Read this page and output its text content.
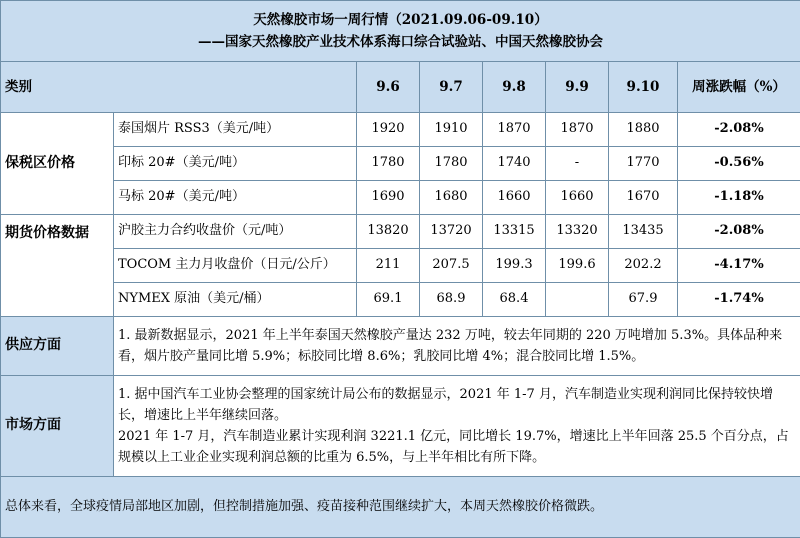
天然橡胶市场一周行情（2021.09.06-09.10）
——国家天然橡胶产业技术体系海口综合试验站、中国天然橡胶协会							

类别		9.6	9.7	9.8	9.9	9.10	周涨跌幅（%）
保税区价格	泰国烟片 RSS3（美元/吨）	1920	1910	1870	1870	1880	-2.08%
	印标 20#（美元/吨）	1780	1780	1740	-	1770	-0.56%
	马标 20#（美元/吨）	1690	1680	1660	1660	1670	-1.18%
期货价格数据	沪胶主力合约收盘价（元/吨）	13820	13720	13315	13320	13435	-2.08%
	TOCOM 主力月收盘价（日元/公斤）	211	207.5	199.3	199.6	202.2	-4.17%
	NYMEX 原油（美元/桶）	69.1	68.9	68.4		67.9	-1.74%
供应方面	1. 最新数据显示，2021 年上半年泰国天然橡胶产量达 232 万吨，较去年同期的 220 万吨增加 5.3%。具体品种来看，烟片胶产量同比增 5.9%；标胶同比增 8.6%；乳胶同比增 4%；混合胶同比增 1.5%。						
市场方面	1. 据中国汽车工业协会整理的国家统计局公布的数据显示，2021 年 1-7 月，汽车制造业实现利润同比保持较快增长，增速比上半年继续回落。
2021 年 1-7 月，汽车制造业累计实现利润 3221.1 亿元，同比增长 19.7%，增速比上半年回落 25.5 个百分点，占规模以上工业企业实现利润总额的比重为 6.5%，与上半年相比有所下降。						

总体来看，全球疫情局部地区加剧，但控制措施加强、疫苗接种范围继续扩大，本周天然橡胶价格微跌。							
